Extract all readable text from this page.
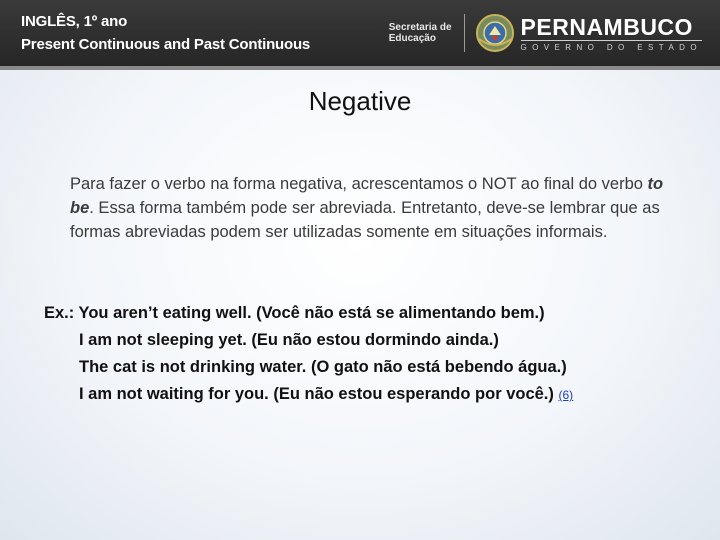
INGLÊS, 1º ano
Present Continuous and Past Continuous
Secretaria de
Educação	PERNAMBUCO
GOVERNO DO ESTADO
Negative
Para fazer o verbo na forma negativa, acrescentamos o NOT ao final do verbo to be. Essa forma também pode ser abreviada. Entretanto, deve-se lembrar que as formas abreviadas podem ser utilizadas somente em situações informais.
Ex.: You aren’t eating well. (Você não está se alimentando bem.)
I am not sleeping yet. (Eu não estou dormindo ainda.)
The cat is not drinking water. (O gato não está bebendo água.)
I am not waiting for you. (Eu não estou esperando por você.) (6)
